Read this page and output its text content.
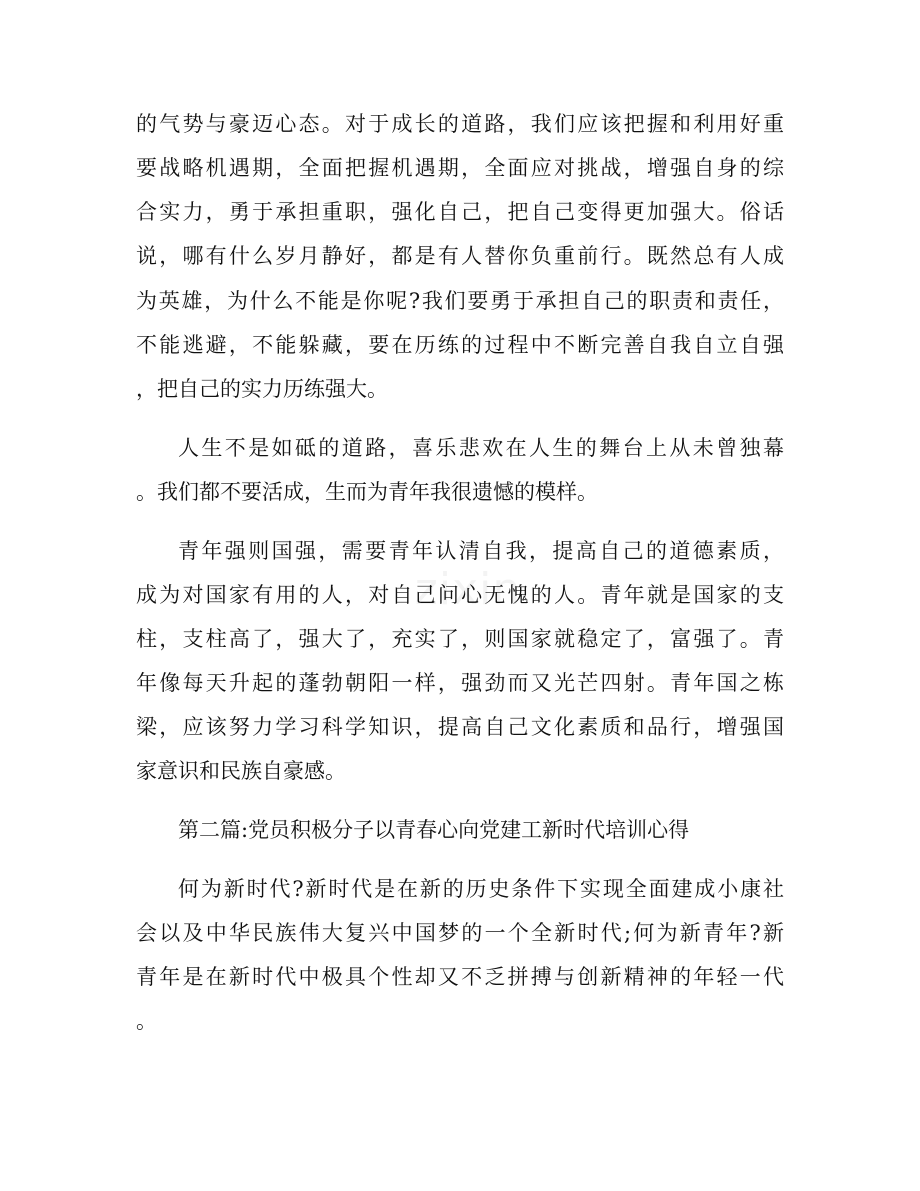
的气势与豪迈心态。对于成长的道路，我们应该把握和利用好重
要战略机遇期，全面把握机遇期，全面应对挑战，增强自身的综
合实力，勇于承担重职，强化自己，把自己变得更加强大。俗话
说，哪有什么岁月静好，都是有人替你负重前行。既然总有人成
为英雄，为什么不能是你呢?我们要勇于承担自己的职责和责任，
不能逃避，不能躲藏，要在历练的过程中不断完善自我自立自强
，把自己的实力历练强大。
人生不是如砥的道路，喜乐悲欢在人生的舞台上从未曾独幕
。我们都不要活成，生而为青年我很遗憾的模样。
青年强则国强，需要青年认清自我，提高自己的道德素质，
成为对国家有用的人，对自己问心无愧的人。青年就是国家的支
柱，支柱高了，强大了，充实了，则国家就稳定了，富强了。青
年像每天升起的蓬勃朝阳一样，强劲而又光芒四射。青年国之栋
梁，应该努力学习科学知识，提高自己文化素质和品行，增强国
家意识和民族自豪感。
第二篇:党员积极分子以青春心向党建工新时代培训心得
何为新时代?新时代是在新的历史条件下实现全面建成小康社
会以及中华民族伟大复兴中国梦的一个全新时代;何为新青年?新
青年是在新时代中极具个性却又不乏拼搏与创新精神的年轻一代
。
